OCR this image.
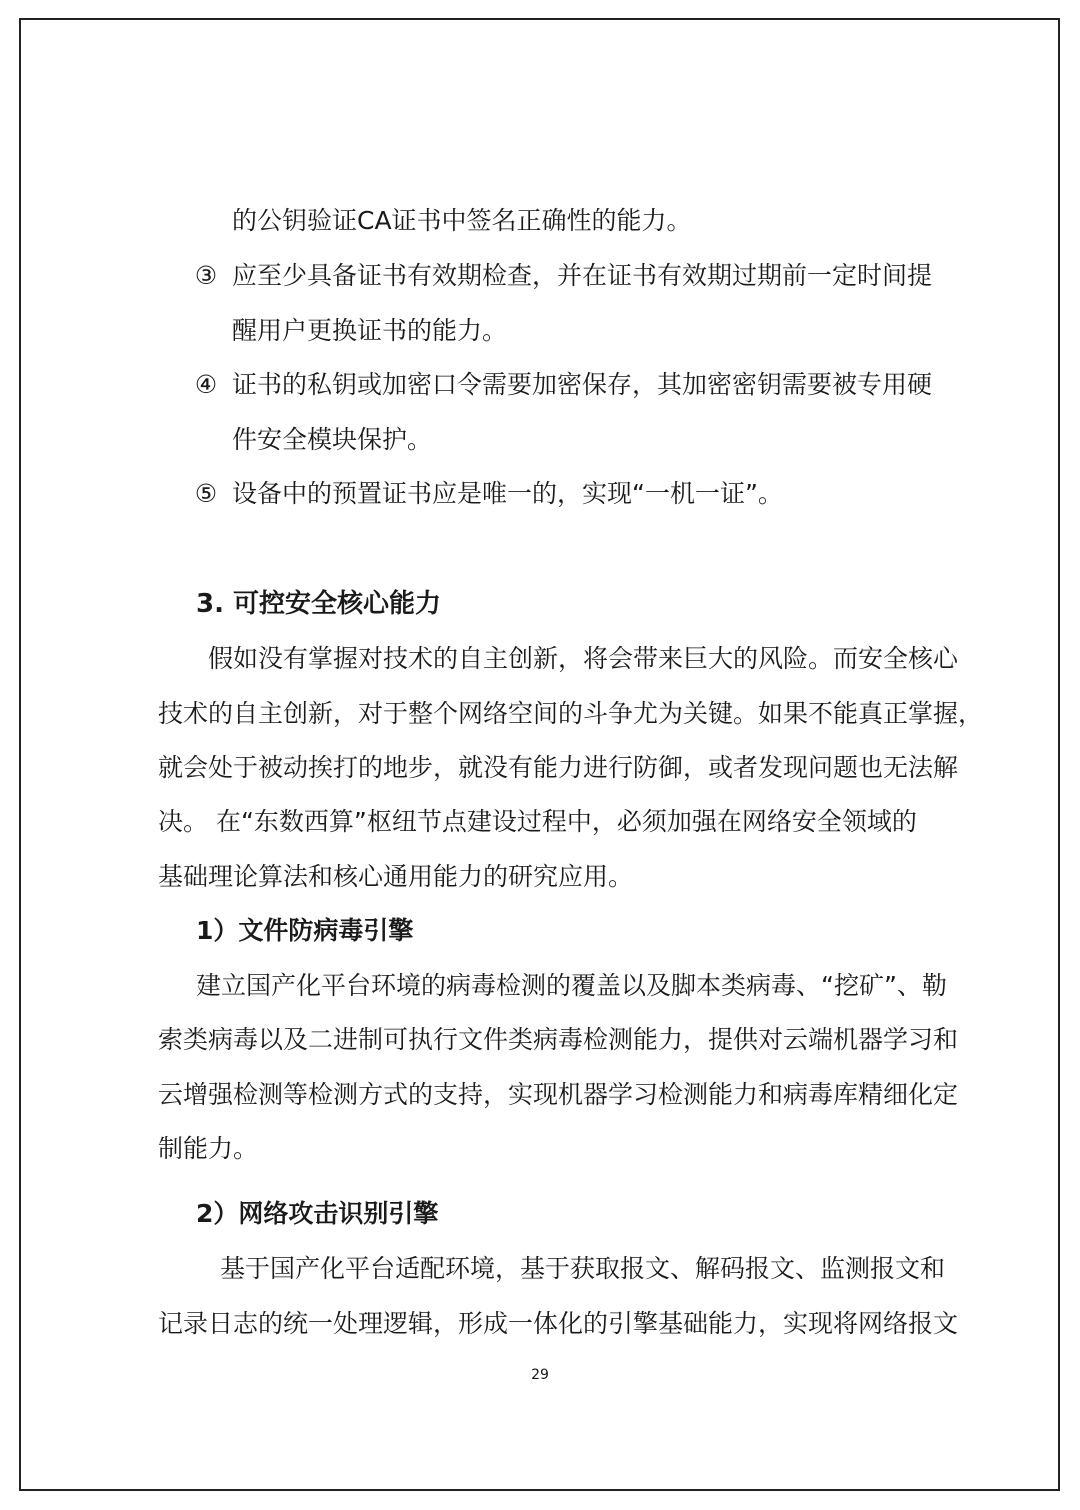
的公钥验证CA证书中签名正确性的能力。
③ 应至少具备证书有效期检查，并在证书有效期过期前一定时间提
醒用户更换证书的能力。
④ 证书的私钥或加密口令需要加密保存，其加密密钥需要被专用硬
件安全模块保护。
⑤ 设备中的预置证书应是唯一的，实现“一机一证”。
3. 可控安全核心能力
假如没有掌握对技术的自主创新，将会带来巨大的风险。而安全核心
技术的自主创新，对于整个网络空间的斗争尤为关键。如果不能真正掌握，
就会处于被动挨打的地步，就没有能力进行防御，或者发现问题也无法解
决。 在“东数西算”枢纽节点建设过程中，必须加强在网络安全领域的
基础理论算法和核心通用能力的研究应用。
1）文件防病毒引擎
建立国产化平台环境的病毒检测的覆盖以及脚本类病毒、“挖矿”、勒
索类病毒以及二进制可执行文件类病毒检测能力，提供对云端机器学习和
云增强检测等检测方式的支持，实现机器学习检测能力和病毒库精细化定
制能力。
2）网络攻击识别引擎
基于国产化平台适配环境，基于获取报文、解码报文、监测报文和
记录日志的统一处理逻辑，形成一体化的引擎基础能力，实现将网络报文
29
